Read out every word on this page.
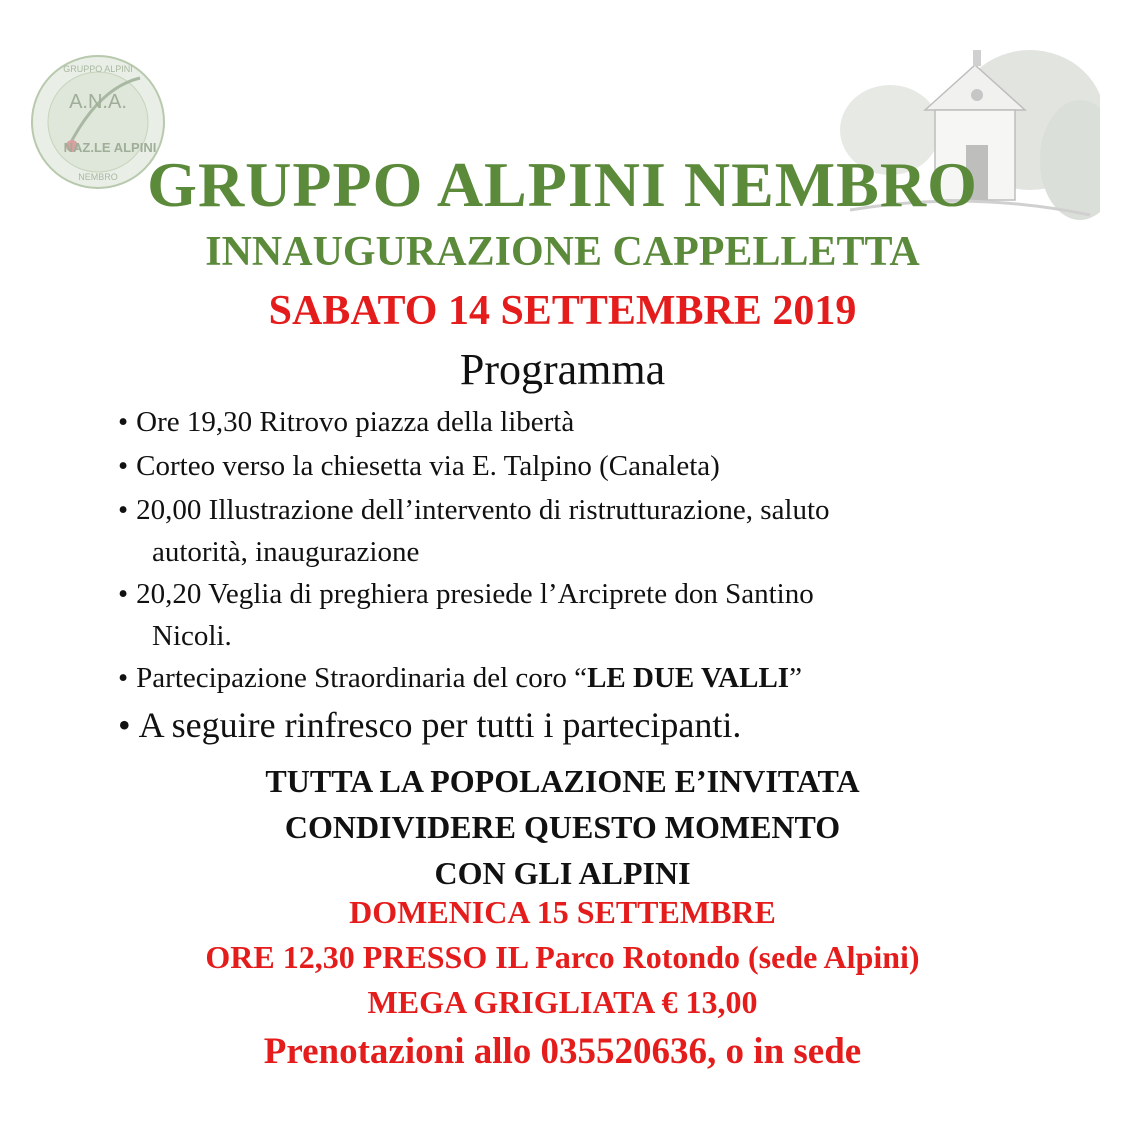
A.N.A.
NAZ.LE ALPINI
GRUPPO ALPINI
NEMBRO GRUPPO ALPINI NEMBRO
INNAUGURAZIONE CAPPELLETTA
SABATO 14 SETTEMBRE 2019
Programma
• Ore 19,30 Ritrovo piazza della libertà
• Corteo verso la chiesetta via E. Talpino (Canaleta)
• 20,00 Illustrazione dell’intervento di ristrutturazione, saluto
autorità, inaugurazione
• 20,20 Veglia di preghiera presiede l’Arciprete don Santino
Nicoli.
• Partecipazione Straordinaria del coro “LE DUE VALLI”
• A seguire rinfresco per tutti i partecipanti.
TUTTA LA POPOLAZIONE E’INVITATA
CONDIVIDERE QUESTO MOMENTO
CON GLI ALPINI
DOMENICA 15 SETTEMBRE
ORE 12,30 PRESSO IL Parco Rotondo (sede Alpini)
MEGA GRIGLIATA € 13,00
Prenotazioni allo 035520636, o in sede
